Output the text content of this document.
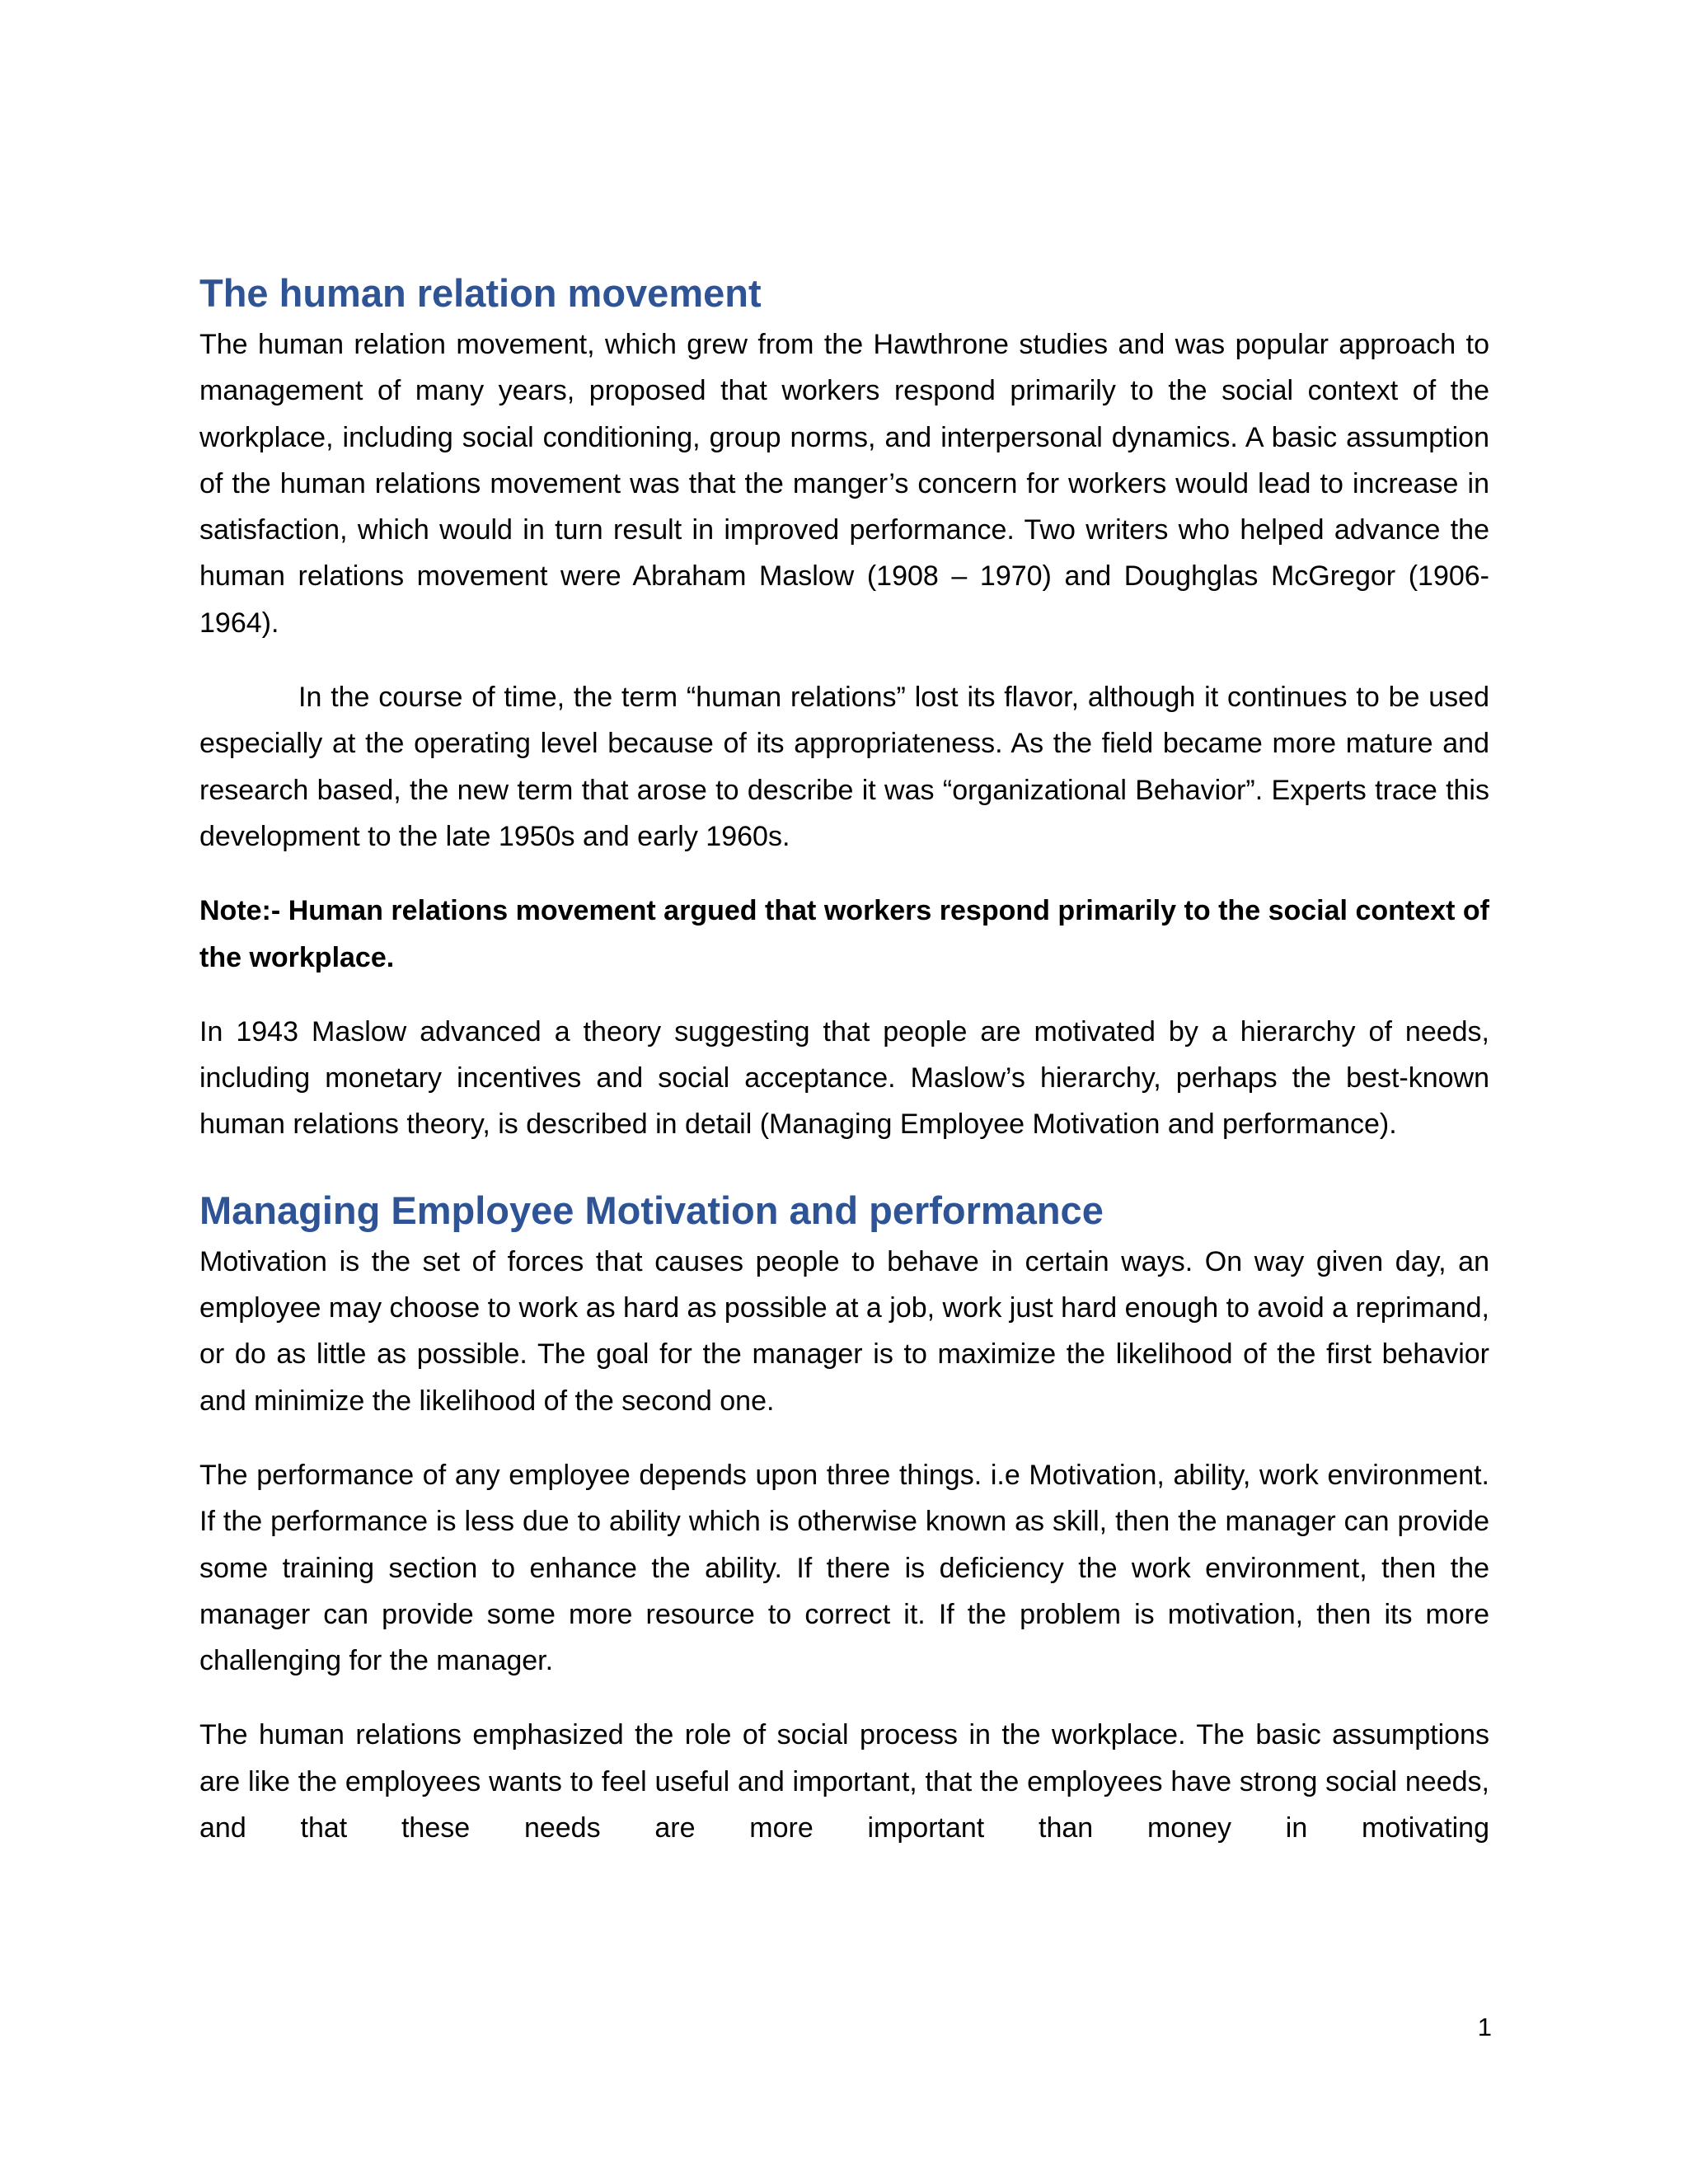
The human relation movement

The human relation movement, which grew from the Hawthrone studies and was popular approach to management of many years, proposed that workers respond primarily to the social context of the workplace, including social conditioning, group norms, and interpersonal dynamics. A basic assumption of the human relations movement was that the manger’s concern for workers would lead to increase in satisfaction, which would in turn result in improved performance. Two writers who helped advance the human relations movement were Abraham Maslow (1908 – 1970) and Doughglas McGregor (1906-1964).

In the course of time, the term “human relations” lost its flavor, although it continues to be used especially at the operating level because of its appropriateness. As the field became more mature and research based, the new term that arose to describe it was “organizational Behavior”. Experts trace this development to the late 1950s and early 1960s.

Note:- Human relations movement argued that workers respond primarily to the social context of the workplace.

In 1943 Maslow advanced a theory suggesting that people are motivated by a hierarchy of needs, including monetary incentives and social acceptance. Maslow’s hierarchy, perhaps the best-known human relations theory, is described in detail (Managing Employee Motivation and performance).

Managing Employee Motivation and performance

Motivation is the set of forces that causes people to behave in certain ways. On way given day, an employee may choose to work as hard as possible at a job, work just hard enough to avoid a reprimand, or do as little as possible. The goal for the manager is to maximize the likelihood of the first behavior and minimize the likelihood of the second one.

The performance of any employee depends upon three things. i.e Motivation, ability, work environment. If the performance is less due to ability which is otherwise known as skill, then the manager can provide some training section to enhance the ability. If there is deficiency the work environment, then the manager can provide some more resource to correct it. If the problem is motivation, then its more challenging for the manager.

The human relations emphasized the role of social process in the workplace. The basic assumptions are like the employees wants to feel useful and important, that the employees have strong social needs, and that these needs are more important than money in motivating

1
